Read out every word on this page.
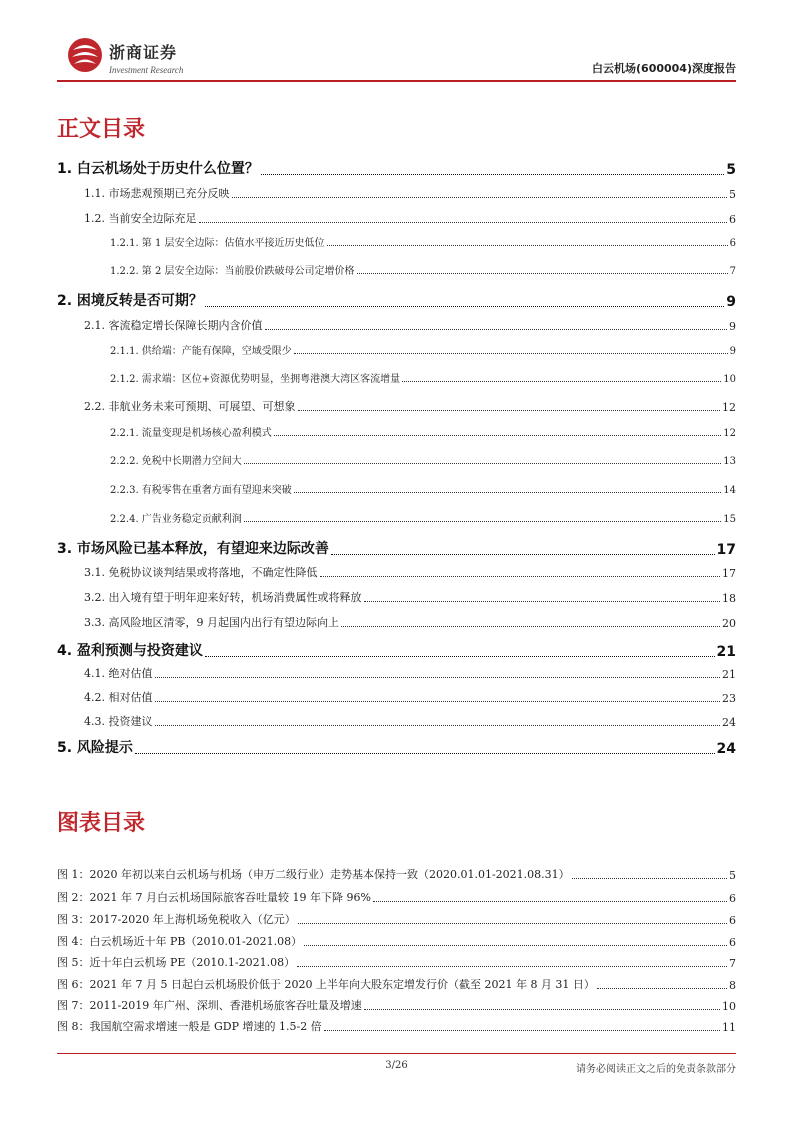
浙商证券
Investment Research	白云机场(600004)深度报告
正文目录
1. 白云机场处于历史什么位置？	5
1.1. 市场悲观预期已充分反映	5
1.2. 当前安全边际充足	6
1.2.1. 第 1 层安全边际：估值水平接近历史低位	6
1.2.2. 第 2 层安全边际：当前股价跌破母公司定增价格	7
2. 困境反转是否可期？	9
2.1. 客流稳定增长保障长期内含价值	9
2.1.1. 供给端：产能有保障，空域受限少	9
2.1.2. 需求端：区位+资源优势明显，坐拥粤港澳大湾区客流增量	10
2.2. 非航业务未来可预期、可展望、可想象	12
2.2.1. 流量变现是机场核心盈利模式	12
2.2.2. 免税中长期潜力空间大	13
2.2.3. 有税零售在重奢方面有望迎来突破	14
2.2.4. 广告业务稳定贡献利润	15
3. 市场风险已基本释放，有望迎来边际改善	17
3.1. 免税协议谈判结果或将落地，不确定性降低	17
3.2. 出入境有望于明年迎来好转，机场消费属性或将释放	18
3.3. 高风险地区清零，9 月起国内出行有望边际向上	20
4. 盈利预测与投资建议	21
4.1. 绝对估值	21
4.2. 相对估值	23
4.3. 投资建议	24
5. 风险提示	24
图表目录
图 1：2020 年初以来白云机场与机场（申万二级行业）走势基本保持一致（2020.01.01-2021.08.31）	5
图 2：2021 年 7 月白云机场国际旅客吞吐量较 19 年下降 96%	6
图 3：2017-2020 年上海机场免税收入（亿元）	6
图 4：白云机场近十年 PB（2010.01-2021.08）	6
图 5：近十年白云机场 PE（2010.1-2021.08）	7
图 6：2021 年 7 月 5 日起白云机场股价低于 2020 上半年向大股东定增发行价（截至 2021 年 8 月 31 日）	8
图 7：2011-2019 年广州、深圳、香港机场旅客吞吐量及增速	10
图 8：我国航空需求增速一般是 GDP 增速的 1.5-2 倍	11
3/26	请务必阅读正文之后的免责条款部分
